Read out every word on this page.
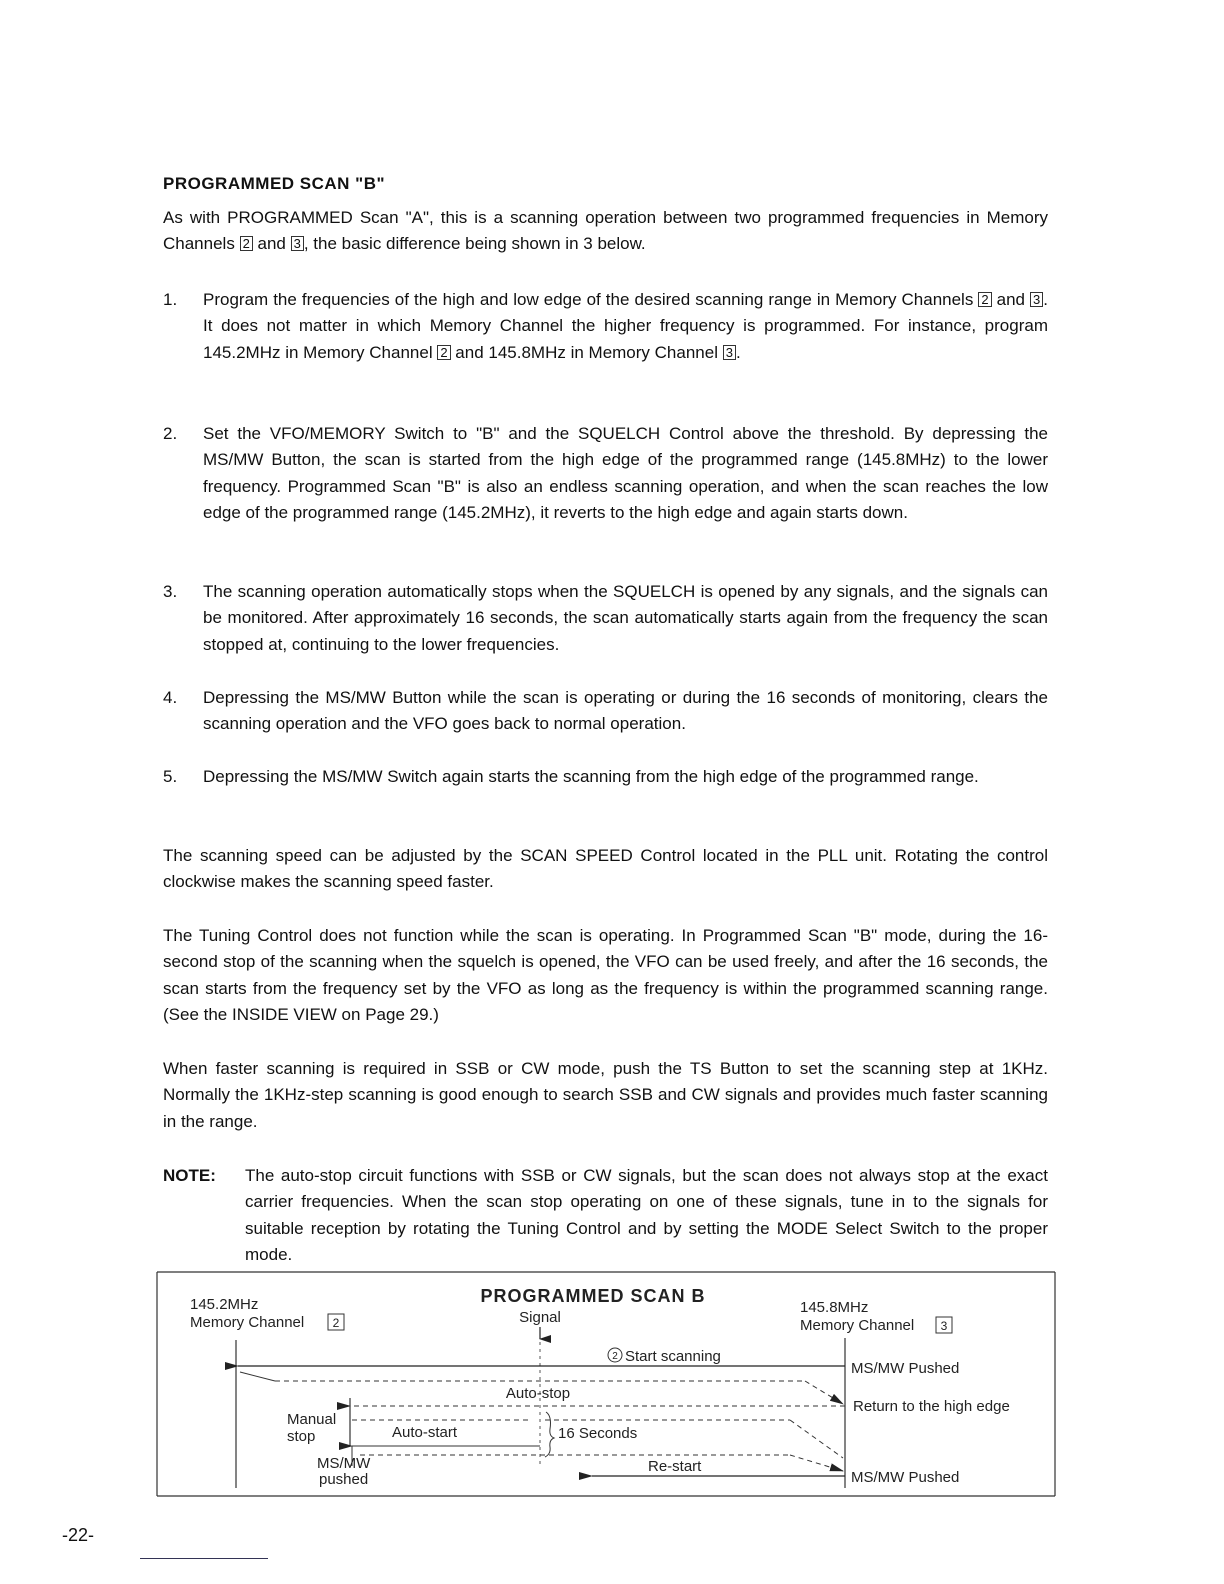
PROGRAMMED SCAN "B"
As with PROGRAMMED Scan "A", this is a scanning operation between two programmed frequencies in Memory Channels 2 and 3 , the basic difference being shown in 3 below.
1.	Program the frequencies of the high and low edge of the desired scanning range in Memory Channels 2 and 3 . It does not matter in which Memory Channel the higher frequency is programmed. For instance, program 145.2MHz in Memory Channel 2 and 145.8MHz in Memory Channel 3 .
2.	Set the VFO/MEMORY Switch to "B" and the SQUELCH Control above the threshold. By depressing the MS/MW Button, the scan is started from the high edge of the programmed range (145.8MHz) to the lower frequency. Programmed Scan "B" is also an endless scanning operation, and when the scan reaches the low edge of the programmed range (145.2MHz), it reverts to the high edge and again starts down.
3.	The scanning operation automatically stops when the SQUELCH is opened by any signals, and the signals can be monitored. After approximately 16 seconds, the scan automatically starts again from the frequency the scan stopped at, continuing to the lower frequencies.
4.	Depressing the MS/MW Button while the scan is operating or during the 16 seconds of monitoring, clears the scanning operation and the VFO goes back to normal operation.
5.	Depressing the MS/MW Switch again starts the scanning from the high edge of the programmed range.
The scanning speed can be adjusted by the SCAN SPEED Control located in the PLL unit. Rotating the control clockwise makes the scanning speed faster.
The Tuning Control does not function while the scan is operating. In Programmed Scan "B" mode, during the 16-second stop of the scanning when the squelch is opened, the VFO can be used freely, and after the 16 seconds, the scan starts from the frequency set by the VFO as long as the frequency is within the programmed scanning range. (See the INSIDE VIEW on Page 29.)
When faster scanning is required in SSB or CW mode, push the TS Button to set the scanning step at 1KHz. Normally the 1KHz-step scanning is good enough to search SSB and CW signals and provides much faster scanning in the range.
NOTE: The auto-stop circuit functions with SSB or CW signals, but the scan does not always stop at the exact carrier frequencies. When the scan stop operating on one of these signals, tune in to the signals for suitable reception by rotating the Tuning Control and by setting the MODE Select Switch to the proper mode.
PROGRAMMED SCAN B
145.2MHz
Memory Channel 2
145.8MHz
Memory Channel 3
Signal
2 Start scanning
MS/MW Pushed
Return to the high edge
Auto-stop
Manual
stop	Auto-start	16 Seconds
MS/MW
pushed
Re-start
MS/MW Pushed
-22-
